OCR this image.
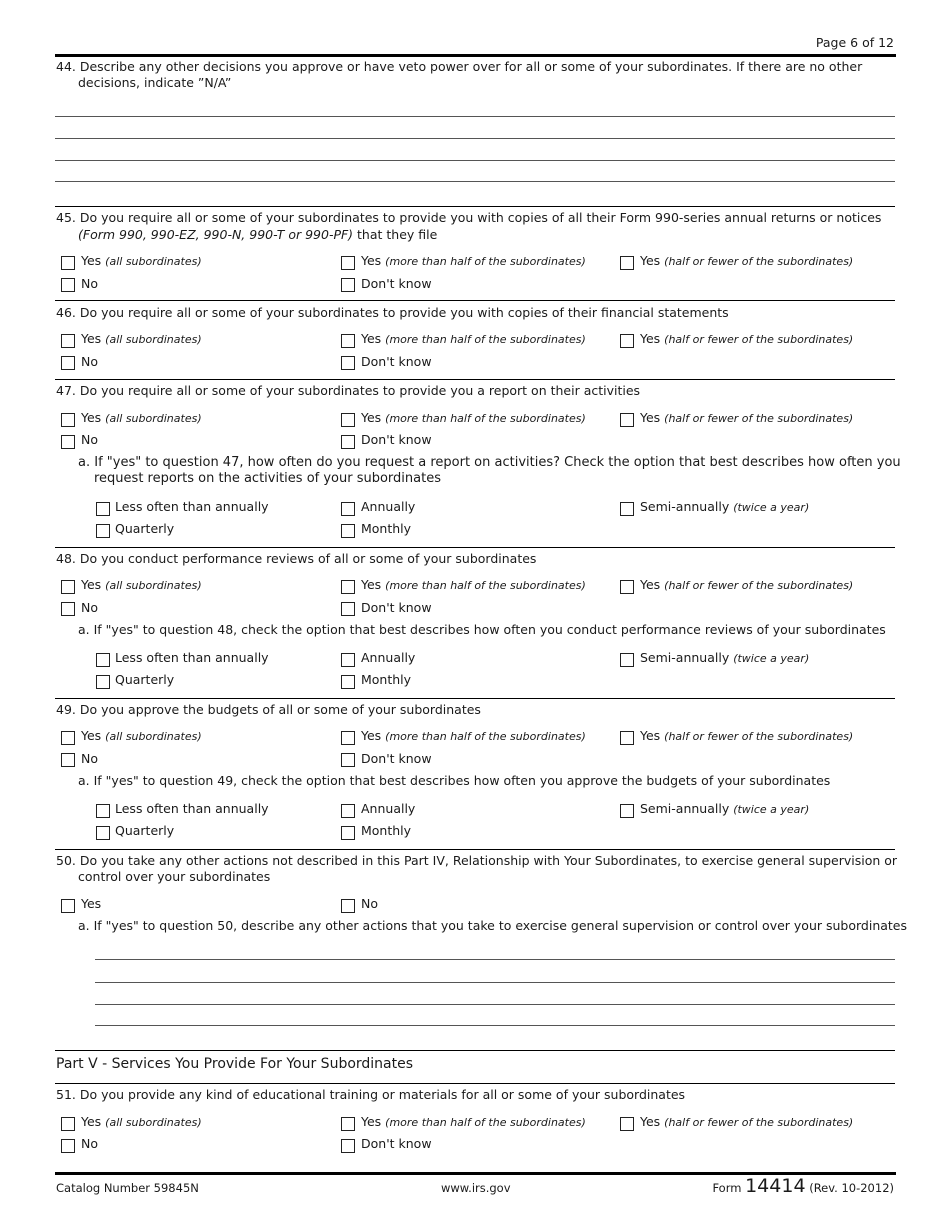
Page 6 of 12
44. Describe any other decisions you approve or have veto power over for all or some of your subordinates. If there are no other
decisions, indicate ”N/A”
45. Do you require all or some of your subordinates to provide you with copies of all their Form 990-series annual returns or notices
(Form 990, 990-EZ, 990-N, 990-T or 990-PF) that they file
Yes (all subordinates)	Yes (more than half of the subordinates)	Yes (half or fewer of the subordinates)
No	Don't know
46. Do you require all or some of your subordinates to provide you with copies of their financial statements
Yes (all subordinates)	Yes (more than half of the subordinates)	Yes (half or fewer of the subordinates)
No	Don't know
47. Do you require all or some of your subordinates to provide you a report on their activities
Yes (all subordinates)	Yes (more than half of the subordinates)	Yes (half or fewer of the subordinates)
No	Don't know
a. If "yes" to question 47, how often do you request a report on activities? Check the option that best describes how often you
request reports on the activities of your subordinates
Less often than annually	Annually	Semi-annually (twice a year)
Quarterly	Monthly
48. Do you conduct performance reviews of all or some of your subordinates
Yes (all subordinates)	Yes (more than half of the subordinates)	Yes (half or fewer of the subordinates)
No	Don't know
a. If "yes" to question 48, check the option that best describes how often you conduct performance reviews of your subordinates
Less often than annually	Annually	Semi-annually (twice a year)
Quarterly	Monthly
49. Do you approve the budgets of all or some of your subordinates
Yes (all subordinates)	Yes (more than half of the subordinates)	Yes (half or fewer of the subordinates)
No	Don't know
a. If "yes" to question 49, check the option that best describes how often you approve the budgets of your subordinates
Less often than annually	Annually	Semi-annually (twice a year)
Quarterly	Monthly
50. Do you take any other actions not described in this Part IV, Relationship with Your Subordinates, to exercise general supervision or
control over your subordinates
Yes	No
a. If "yes" to question 50, describe any other actions that you take to exercise general supervision or control over your subordinates
Part V - Services You Provide For Your Subordinates
51. Do you provide any kind of educational training or materials for all or some of your subordinates
Yes (all subordinates)	Yes (more than half of the subordinates)	Yes (half or fewer of the subordinates)
No	Don't know
Catalog Number 59845N	www.irs.gov	Form 14414 (Rev. 10-2012)
